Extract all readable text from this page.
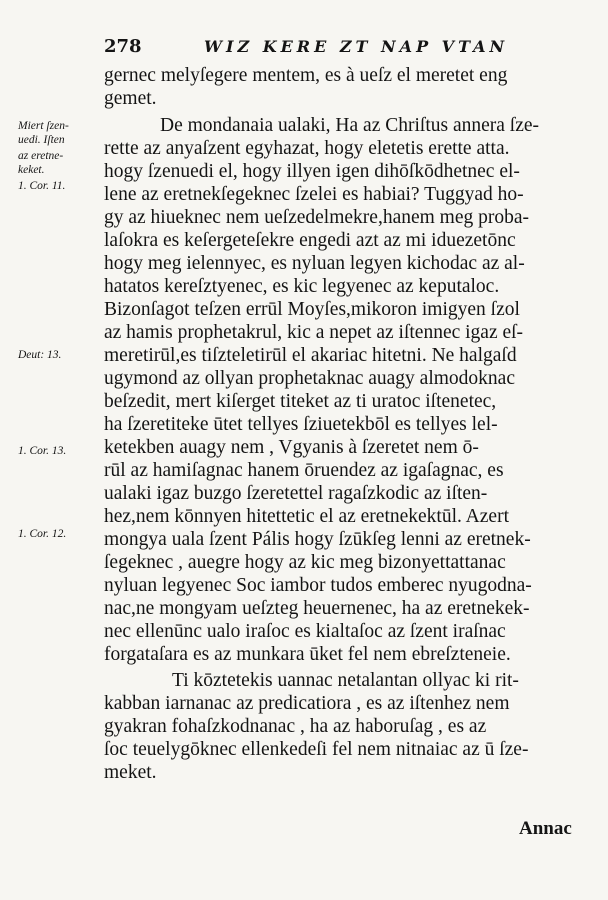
278	WIZ KERE ZT NAP VTAN
gernec melyſegere mentem, es à ueſz el meretet eng
gemet.
De mondanaia ualaki, Ha az Chriſtus annera ſze-
rette az anyaſzent egyhazat, hogy eletetis erette atta.
hogy ſzenuedi el, hogy illyen igen dihōſkōdhetnec el-
lene az eretnekſegeknec ſzelei es habiai? Tuggyad ho-
gy az hiueknec nem ueſzedelmekre,hanem meg proba-
laſokra es keſergeteſekre engedi azt az mi iduezetōnc
hogy meg ielennyec, es nyluan legyen kichodac az al-
hatatos kereſztyenec, es kic legyenec az keputaloc.
Bizonſagot teſzen errūl Moyſes,mikoron imigyen ſzol
az hamis prophetakrul, kic a nepet az iſtennec igaz eſ-
meretirūl,es tiſzteletirūl el akariac hitetni. Ne halgaſd
ugymond az ollyan prophetaknac auagy almodoknac
beſzedit, mert kiſerget titeket az ti uratoc iſtenetec,
ha ſzeretiteke ūtet tellyes ſziuetekbōl es tellyes lel-
ketekben auagy nem , Vgyanis à ſzeretet nem ō-
rūl az hamiſagnac hanem ōruendez az igaſagnac, es
ualaki igaz buzgo ſzeretettel ragaſzkodic az iſten-
hez,nem kōnnyen hitettetic el az eretnekektūl. Azert
mongya uala ſzent Pális hogy ſzūkſeg lenni az eretnek-
ſegeknec , auegre hogy az kic meg bizonyettattanac
nyluan legyenec Soc iambor tudos emberec nyugodna-
nac,ne mongyam ueſzteg heuernenec, ha az eretnekek-
nec ellenūnc ualo iraſoc es kialtaſoc az ſzent iraſnac
forgataſara es az munkara ūket fel nem ebreſzteneie.
Ti kōztetekis uannac netalantan ollyac ki rit-
kabban iarnanac az predicatiora , es az iſtenhez nem
gyakran fohaſzkodnanac , ha az haboruſag , es az
ſoc teuelygōknec ellenkedeſi fel nem nitnaiac az ū ſze-
meket.
Miert ſzen-
uedi. Iſten
az eretne-
keket.
1. Cor. 11.
Deut: 13.
1. Cor. 13.
1. Cor. 12.
Annac
